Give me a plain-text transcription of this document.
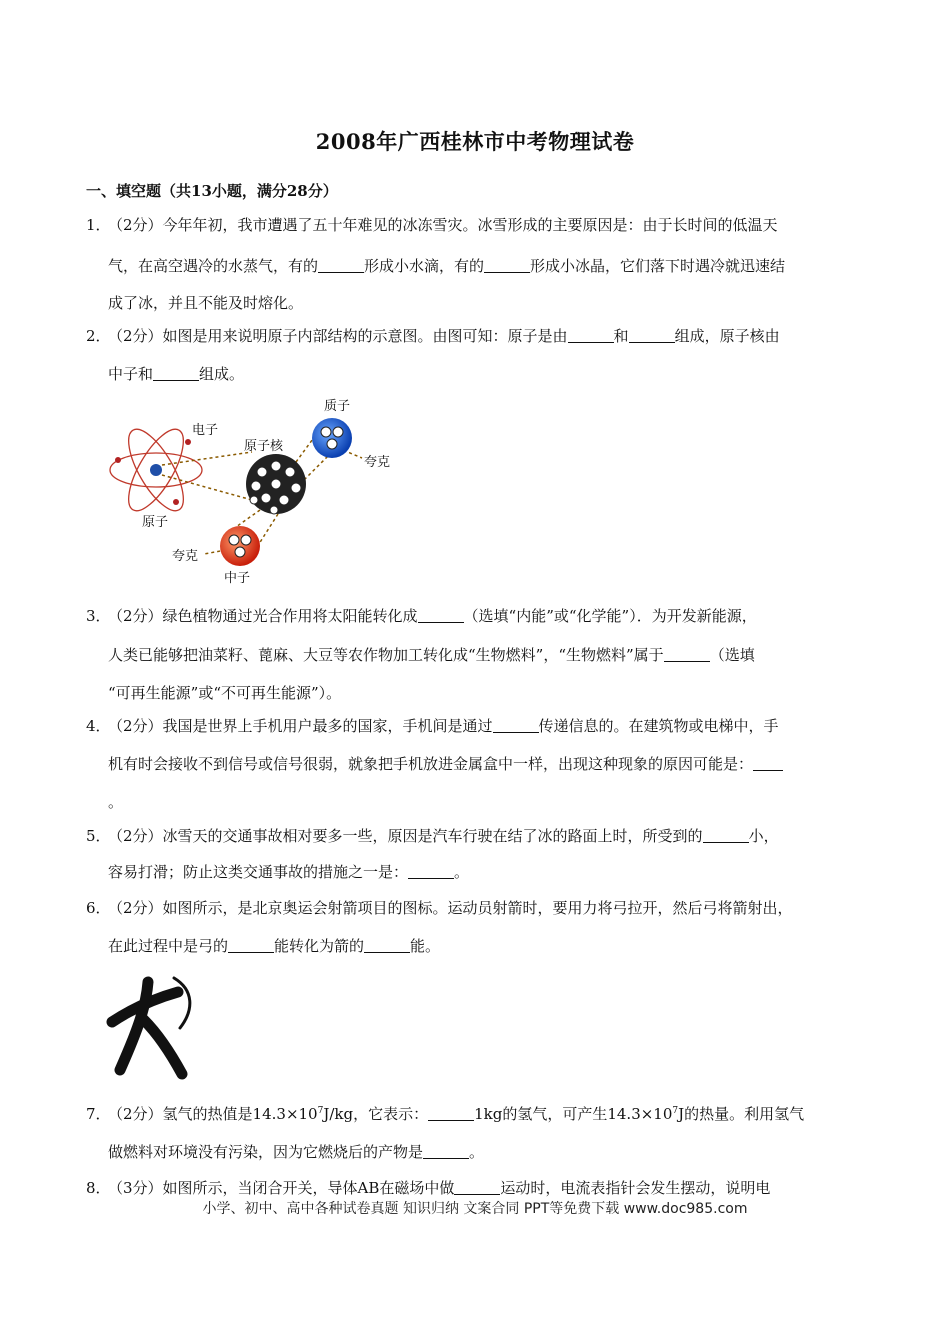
2008年广西桂林市中考物理试卷
一、填空题（共13小题，满分28分）
1．（2分）今年年初，我市遭遇了五十年难见的冰冻雪灾。冰雪形成的主要原因是：由于长时间的低温天
气，在高空遇冷的水蒸气，有的	形成小水滴，有的	形成小冰晶，它们落下时遇冷就迅速结
成了冰，并且不能及时熔化。
2．（2分）如图是用来说明原子内部结构的示意图。由图可知：原子是由	和	组成，原子核由
中子和	组成。
电子
原子核
质子
夸克
原子
夸克
中子
3．（2分）绿色植物通过光合作用将太阳能转化成	（选填“内能”或“化学能”）．为开发新能源，
人类已能够把油菜籽、蓖麻、大豆等农作物加工转化成“生物燃料”，“生物燃料”属于	（选填
“可再生能源”或“不可再生能源”）。
4．（2分）我国是世界上手机用户最多的国家，手机间是通过	传递信息的。在建筑物或电梯中，手
机有时会接收不到信号或信号很弱，就象把手机放进金属盒中一样，出现这种现象的原因可能是：
。
5．（2分）冰雪天的交通事故相对要多一些，原因是汽车行驶在结了冰的路面上时，所受到的	小，
容易打滑；防止这类交通事故的措施之一是：	。
6．（2分）如图所示，是北京奥运会射箭项目的图标。运动员射箭时，要用力将弓拉开，然后弓将箭射出，
在此过程中是弓的	能转化为箭的	能。
7．（2分）氢气的热值是$14.3\times 10^7J/kg$，它表示：	1kg的氢气，可产生$14.3\times 10^7J$的热量。利用氢气
做燃料对环境没有污染，因为它燃烧后的产物是	。
8．（3分）如图所示，当闭合开关，导体AB在磁场中做	运动时，电流表指针会发生摆动，说明电
小学、初中、高中各种试卷真题 知识归纳 文案合同 PPT等免费下载 www.doc985.com
